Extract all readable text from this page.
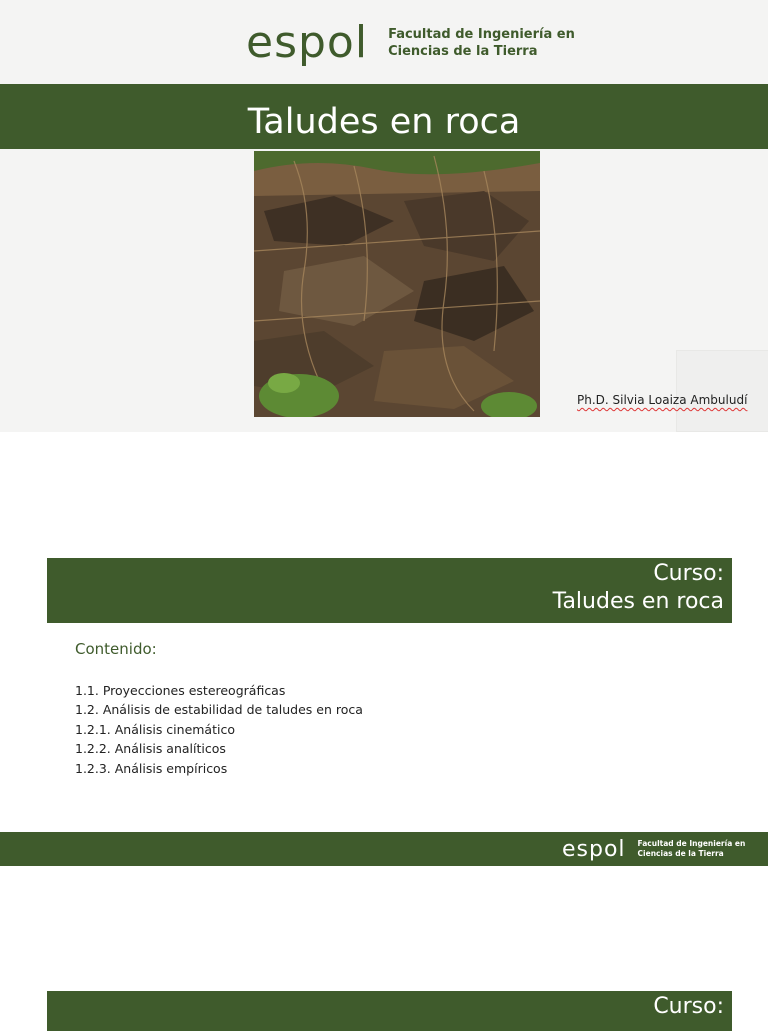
espol Facultad de Ingeniería en
Ciencias de la Tierra
Taludes en roca
Ph.D. Silvia Loaiza Ambuludí
Curso:
Taludes en roca
Contenido:
1.1. Proyecciones estereográficas
1.2. Análisis de estabilidad de taludes en roca
1.2.1. Análisis cinemático
1.2.2. Análisis analíticos
1.2.3. Análisis empíricos
espol Facultad de Ingeniería en
Ciencias de la Tierra
Curso:
